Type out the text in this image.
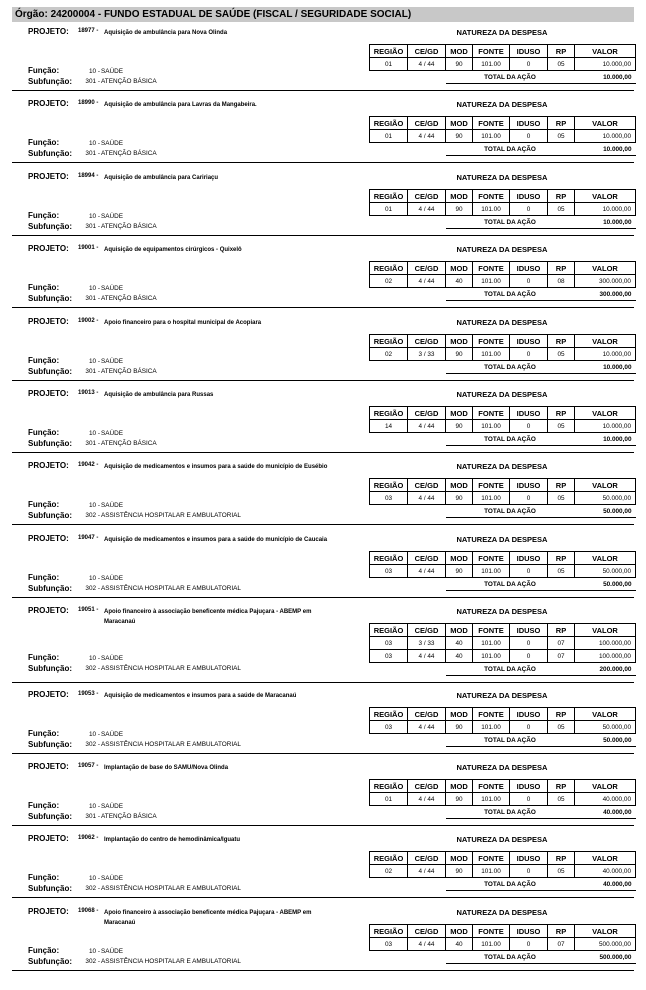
Órgão: 24200004 - FUNDO ESTADUAL DE SAÚDE (FISCAL / SEGURIDADE SOCIAL)
PROJETO: 18977 - Aquisição de ambulância para Nova Olinda	NATUREZA DA DESPESA
Função:	10 - SAÚDE
Subfunção:	301 - ATENÇÃO BÁSICA
REGIÃO	CE/GD	MOD	FONTE	IDUSO	RP	VALOR
01	4 / 44	90	101.00	0	05	10.000,00
		TOTAL DA AÇÃO				10.000,00
PROJETO: 18990 - Aquisição de ambulância para Lavras da Mangabeira.	NATUREZA DA DESPESA
Função:	10 - SAÚDE
Subfunção:	301 - ATENÇÃO BÁSICA
REGIÃO	CE/GD	MOD	FONTE	IDUSO	RP	VALOR
01	4 / 44	90	101.00	0	05	10.000,00
		TOTAL DA AÇÃO				10.000,00
PROJETO: 18994 - Aquisição de ambulância para Caririaçu	NATUREZA DA DESPESA
Função:	10 - SAÚDE
Subfunção:	301 - ATENÇÃO BÁSICA
REGIÃO	CE/GD	MOD	FONTE	IDUSO	RP	VALOR
01	4 / 44	90	101.00	0	05	10.000,00
		TOTAL DA AÇÃO				10.000,00
PROJETO: 19001 - Aquisição de equipamentos cirúrgicos - Quixelô	NATUREZA DA DESPESA
Função:	10 - SAÚDE
Subfunção:	301 - ATENÇÃO BÁSICA
REGIÃO	CE/GD	MOD	FONTE	IDUSO	RP	VALOR
02	4 / 44	40	101.00	0	08	300.000,00
		TOTAL DA AÇÃO				300.000,00
PROJETO: 19002 - Apoio financeiro para o hospital municipal de Acopiara	NATUREZA DA DESPESA
Função:	10 - SAÚDE
Subfunção:	301 - ATENÇÃO BÁSICA
REGIÃO	CE/GD	MOD	FONTE	IDUSO	RP	VALOR
02	3 / 33	90	101.00	0	05	10.000,00
		TOTAL DA AÇÃO				10.000,00
PROJETO: 19013 - Aquisição de ambulância para Russas	NATUREZA DA DESPESA
Função:	10 - SAÚDE
Subfunção:	301 - ATENÇÃO BÁSICA
REGIÃO	CE/GD	MOD	FONTE	IDUSO	RP	VALOR
14	4 / 44	90	101.00	0	05	10.000,00
		TOTAL DA AÇÃO				10.000,00
PROJETO: 19042 - Aquisição de medicamentos e insumos para a saúde do município de Eusébio	NATUREZA DA DESPESA
Função:	10 - SAÚDE
Subfunção:	302 - ASSISTÊNCIA HOSPITALAR E AMBULATORIAL
REGIÃO	CE/GD	MOD	FONTE	IDUSO	RP	VALOR
03	4 / 44	90	101.00	0	05	50.000,00
		TOTAL DA AÇÃO				50.000,00
PROJETO: 19047 - Aquisição de medicamentos e insumos para a saúde do município de Caucaia	NATUREZA DA DESPESA
Função:	10 - SAÚDE
Subfunção:	302 - ASSISTÊNCIA HOSPITALAR E AMBULATORIAL
REGIÃO	CE/GD	MOD	FONTE	IDUSO	RP	VALOR
03	4 / 44	90	101.00	0	05	50.000,00
		TOTAL DA AÇÃO				50.000,00
PROJETO: 19051 - Apoio financeiro à associação beneficente médica Pajuçara - ABEMP em Maracanaú
NATUREZA DA DESPESA
Função:	10 - SAÚDE
Subfunção:	302 - ASSISTÊNCIA HOSPITALAR E AMBULATORIAL
REGIÃO	CE/GD	MOD	FONTE	IDUSO	RP	VALOR
03	3 / 33	40	101.00	0	07	100.000,00
03	4 / 44	40	101.00	0	07	100.000,00
		TOTAL DA AÇÃO				200.000,00
PROJETO: 19053 - Aquisição de medicamentos e insumos para a saúde de Maracanaú	NATUREZA DA DESPESA
Função:	10 - SAÚDE
Subfunção:	302 - ASSISTÊNCIA HOSPITALAR E AMBULATORIAL
REGIÃO	CE/GD	MOD	FONTE	IDUSO	RP	VALOR
03	4 / 44	90	101.00	0	05	50.000,00
		TOTAL DA AÇÃO				50.000,00
PROJETO: 19057 - Implantação de base do SAMU/Nova Olinda	NATUREZA DA DESPESA
Função:	10 - SAÚDE
Subfunção:	301 - ATENÇÃO BÁSICA
REGIÃO	CE/GD	MOD	FONTE	IDUSO	RP	VALOR
01	4 / 44	90	101.00	0	05	40.000,00
		TOTAL DA AÇÃO				40.000,00
PROJETO: 19062 - Implantação do centro de hemodinâmica/Iguatu	NATUREZA DA DESPESA
Função:	10 - SAÚDE
Subfunção:	302 - ASSISTÊNCIA HOSPITALAR E AMBULATORIAL
REGIÃO	CE/GD	MOD	FONTE	IDUSO	RP	VALOR
02	4 / 44	90	101.00	0	05	40.000,00
		TOTAL DA AÇÃO				40.000,00
PROJETO: 19068 - Apoio financeiro à associação beneficente médica Pajuçara - ABEMP em Maracanaú
NATUREZA DA DESPESA
Função:	10 - SAÚDE
Subfunção:	302 - ASSISTÊNCIA HOSPITALAR E AMBULATORIAL
REGIÃO	CE/GD	MOD	FONTE	IDUSO	RP	VALOR
03	4 / 44	40	101.00	0	07	500.000,00
		TOTAL DA AÇÃO				500.000,00
